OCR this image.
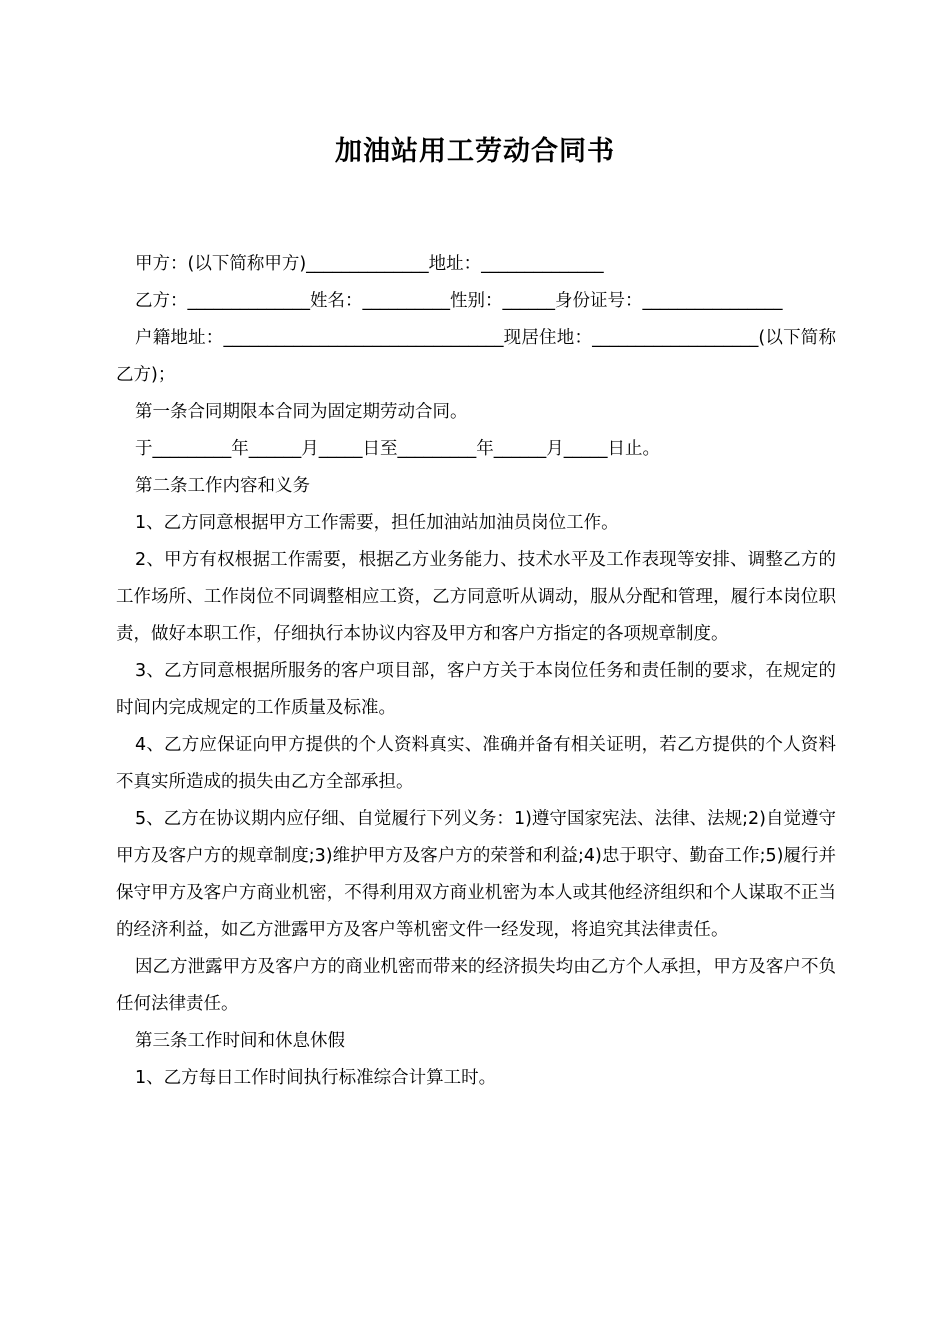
加油站用工劳动合同书

甲方：(以下简称甲方)______________地址：______________

乙方：______________姓名：__________性别：______身份证号：________________

户籍地址：________________________________现居住地：___________________(以下简称乙方)；

第一条合同期限本合同为固定期劳动合同。

于_________年______月_____日至_________年______月_____日止。

第二条工作内容和义务

1、乙方同意根据甲方工作需要，担任加油站加油员岗位工作。

2、甲方有权根据工作需要，根据乙方业务能力、技术水平及工作表现等安排、调整乙方的工作场所、工作岗位不同调整相应工资，乙方同意听从调动，服从分配和管理，履行本岗位职责，做好本职工作，仔细执行本协议内容及甲方和客户方指定的各项规章制度。

3、乙方同意根据所服务的客户项目部，客户方关于本岗位任务和责任制的要求，在规定的时间内完成规定的工作质量及标准。

4、乙方应保证向甲方提供的个人资料真实、准确并备有相关证明，若乙方提供的个人资料不真实所造成的损失由乙方全部承担。

5、乙方在协议期内应仔细、自觉履行下列义务：1)遵守国家宪法、法律、法规;2)自觉遵守甲方及客户方的规章制度;3)维护甲方及客户方的荣誉和利益;4)忠于职守、勤奋工作;5)履行并保守甲方及客户方商业机密，不得利用双方商业机密为本人或其他经济组织和个人谋取不正当的经济利益，如乙方泄露甲方及客户等机密文件一经发现，将追究其法律责任。

因乙方泄露甲方及客户方的商业机密而带来的经济损失均由乙方个人承担，甲方及客户不负任何法律责任。

第三条工作时间和休息休假

1、乙方每日工作时间执行标准综合计算工时。
